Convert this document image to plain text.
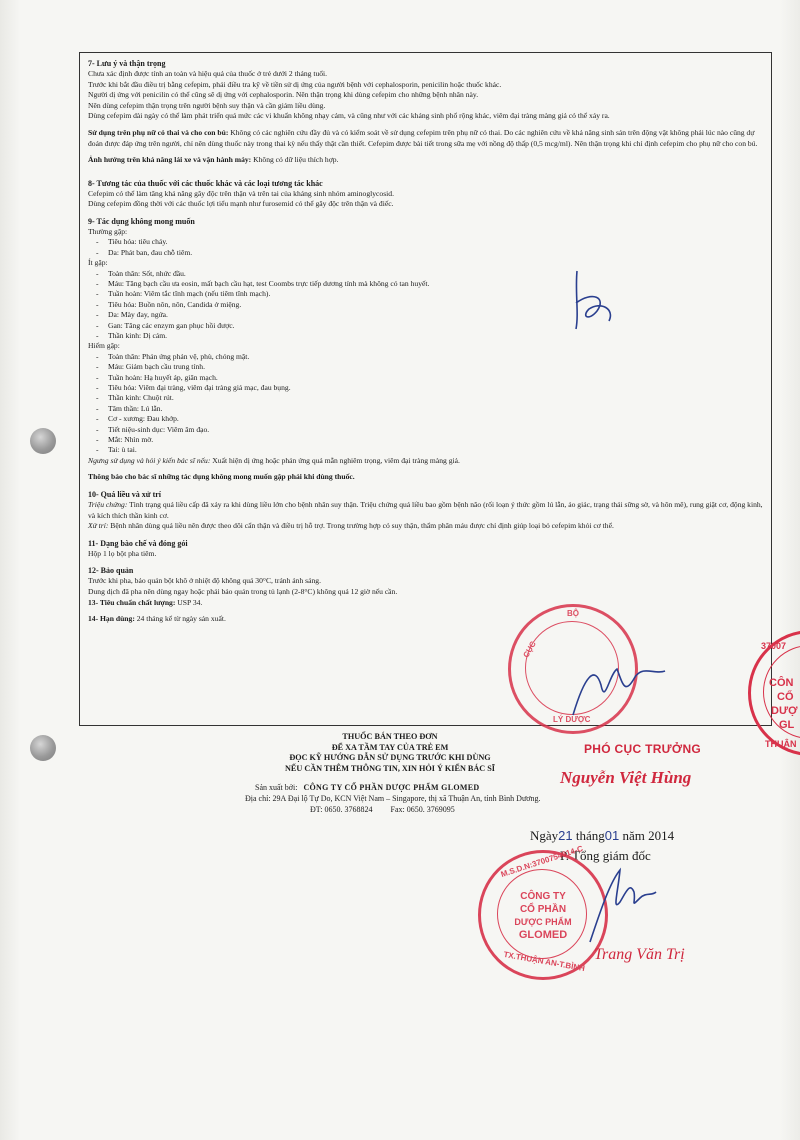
7- Lưu ý và thận trọng
Chưa xác định được tính an toàn và hiệu quả của thuốc ở trẻ dưới 2 tháng tuổi.
Trước khi bắt đầu điều trị bằng cefepim, phải điều tra kỹ về tiền sử dị ứng của người bệnh với cephalosporin, penicilin hoặc thuốc khác.
Người dị ứng với penicilin có thể cũng sẽ dị ứng với cephalosporin. Nên thận trọng khi dùng cefepim cho những bệnh nhân này.
Nên dùng cefepim thận trọng trên người bệnh suy thận và cần giảm liều dùng.
Dùng cefepim dài ngày có thể làm phát triển quá mức các vi khuẩn không nhạy cảm, và cũng như với các kháng sinh phổ rộng khác, viêm đại tràng màng giả có thể xảy ra.
Sử dụng trên phụ nữ có thai và cho con bú: Không có các nghiên cứu đầy đủ và có kiểm soát về sử dụng cefepim trên phụ nữ có thai. Do các nghiên cứu về khả năng sinh sản trên động vật không phải lúc nào cũng dự đoán được đáp ứng trên người, chỉ nên dùng thuốc này trong thai kỳ nếu thấy thật cần thiết. Cefepim được bài tiết trong sữa mẹ với nồng độ thấp (0,5 mcg/ml). Nên thận trọng khi chỉ định cefepim cho phụ nữ cho con bú.
Ảnh hưởng trên khả năng lái xe và vận hành máy: Không có dữ liệu thích hợp.
8- Tương tác của thuốc với các thuốc khác và các loại tương tác khác
Cefepim có thể làm tăng khả năng gây độc trên thận và trên tai của kháng sinh nhóm aminoglycosid.
Dùng cefepim đồng thời với các thuốc lợi tiểu mạnh như furosemid có thể gây độc trên thận và điếc.
9- Tác dụng không mong muốn
Thường gặp:
- Tiêu hóa: tiêu chảy.
- Da: Phát ban, đau chỗ tiêm.
Ít gặp:
- Toàn thân: Sốt, nhức đầu.
- Máu: Tăng bạch cầu ưa eosin, mất bạch cầu hạt, test Coombs trực tiếp dương tính mà không có tan huyết.
- Tuần hoàn: Viêm tắc tĩnh mạch (nếu tiêm tĩnh mạch).
- Tiêu hóa: Buồn nôn, nôn, Candida ở miệng.
- Da: Mày đay, ngứa.
- Gan: Tăng các enzym gan phục hồi được.
- Thần kinh: Dị cảm.
Hiếm gặp:
- Toàn thân: Phản ứng phản vệ, phù, chóng mặt.
- Máu: Giảm bạch cầu trung tính.
- Tuần hoàn: Hạ huyết áp, giãn mạch.
- Tiêu hóa: Viêm đại tràng, viêm đại tràng giả mạc, đau bụng.
- Thần kinh: Chuột rút.
- Tâm thần: Lú lẫn.
- Cơ - xương: Đau khớp.
- Tiết niệu-sinh dục: Viêm âm đạo.
- Mắt: Nhìn mờ.
- Tai: ù tai.
Ngưng sử dụng và hỏi ý kiến bác sĩ nếu: Xuất hiện dị ứng hoặc phản ứng quá mẫn nghiêm trọng, viêm đại tràng màng giả.
Thông báo cho bác sĩ những tác dụng không mong muốn gặp phải khi dùng thuốc.
10- Quá liều và xử trí
Triệu chứng: Tình trạng quá liều cấp đã xảy ra khi dùng liều lớn cho bệnh nhân suy thận. Triệu chứng quá liều bao gồm bệnh não (rối loạn ý thức gồm lú lẫn, ảo giác, trạng thái sững sờ, và hôn mê), rung giật cơ, động kinh, và kích thích thần kinh cơ.
Xử trí: Bệnh nhân dùng quá liều nên được theo dõi cẩn thận và điều trị hỗ trợ. Trong trường hợp có suy thận, thẩm phân máu được chỉ định giúp loại bỏ cefepim khỏi cơ thể.
11- Dạng bào chế và đóng gói
Hộp 1 lọ bột pha tiêm.
12- Bảo quản
Trước khi pha, bảo quản bột khô ở nhiệt độ không quá 30°C, tránh ánh sáng.
Dung dịch đã pha nên dùng ngay hoặc phải bảo quản trong tủ lạnh (2-8°C) không quá 12 giờ nếu cần.
13- Tiêu chuẩn chất lượng: USP 34.
14- Hạn dùng: 24 tháng kể từ ngày sản xuất.
THUỐC BÁN THEO ĐƠN
ĐỂ XA TẦM TAY CỦA TRẺ EM
ĐỌC KỸ HƯỚNG DẪN SỬ DỤNG TRƯỚC KHI DÙNG
NẾU CẦN THÊM THÔNG TIN, XIN HỎI Ý KIẾN BÁC SĨ
Sản xuất bởi: CÔNG TY CỔ PHẦN DƯỢC PHẨM GLOMED
Địa chỉ: 29A Đại lộ Tự Do, KCN Việt Nam – Singapore, thị xã Thuận An, tỉnh Bình Dương.
ĐT: 0650. 3768824 Fax: 0650. 3769095
BỘ
CỤC
LÝ DƯỢC
PHÓ CỤC TRƯỞNG
Nguyễn Việt Hùng
37007
CÔN
CỔ
DƯỢ
GL
THUẬN
Ngày21 tháng01 năm 2014
P. Tổng giám đốc
M.S.D.N:3700754914-C
CÔNG TY
CỔ PHẦN
DƯỢC PHẨM
GLOMED
TX.THUẬN AN-T.BÌNH Trang Văn Trị
